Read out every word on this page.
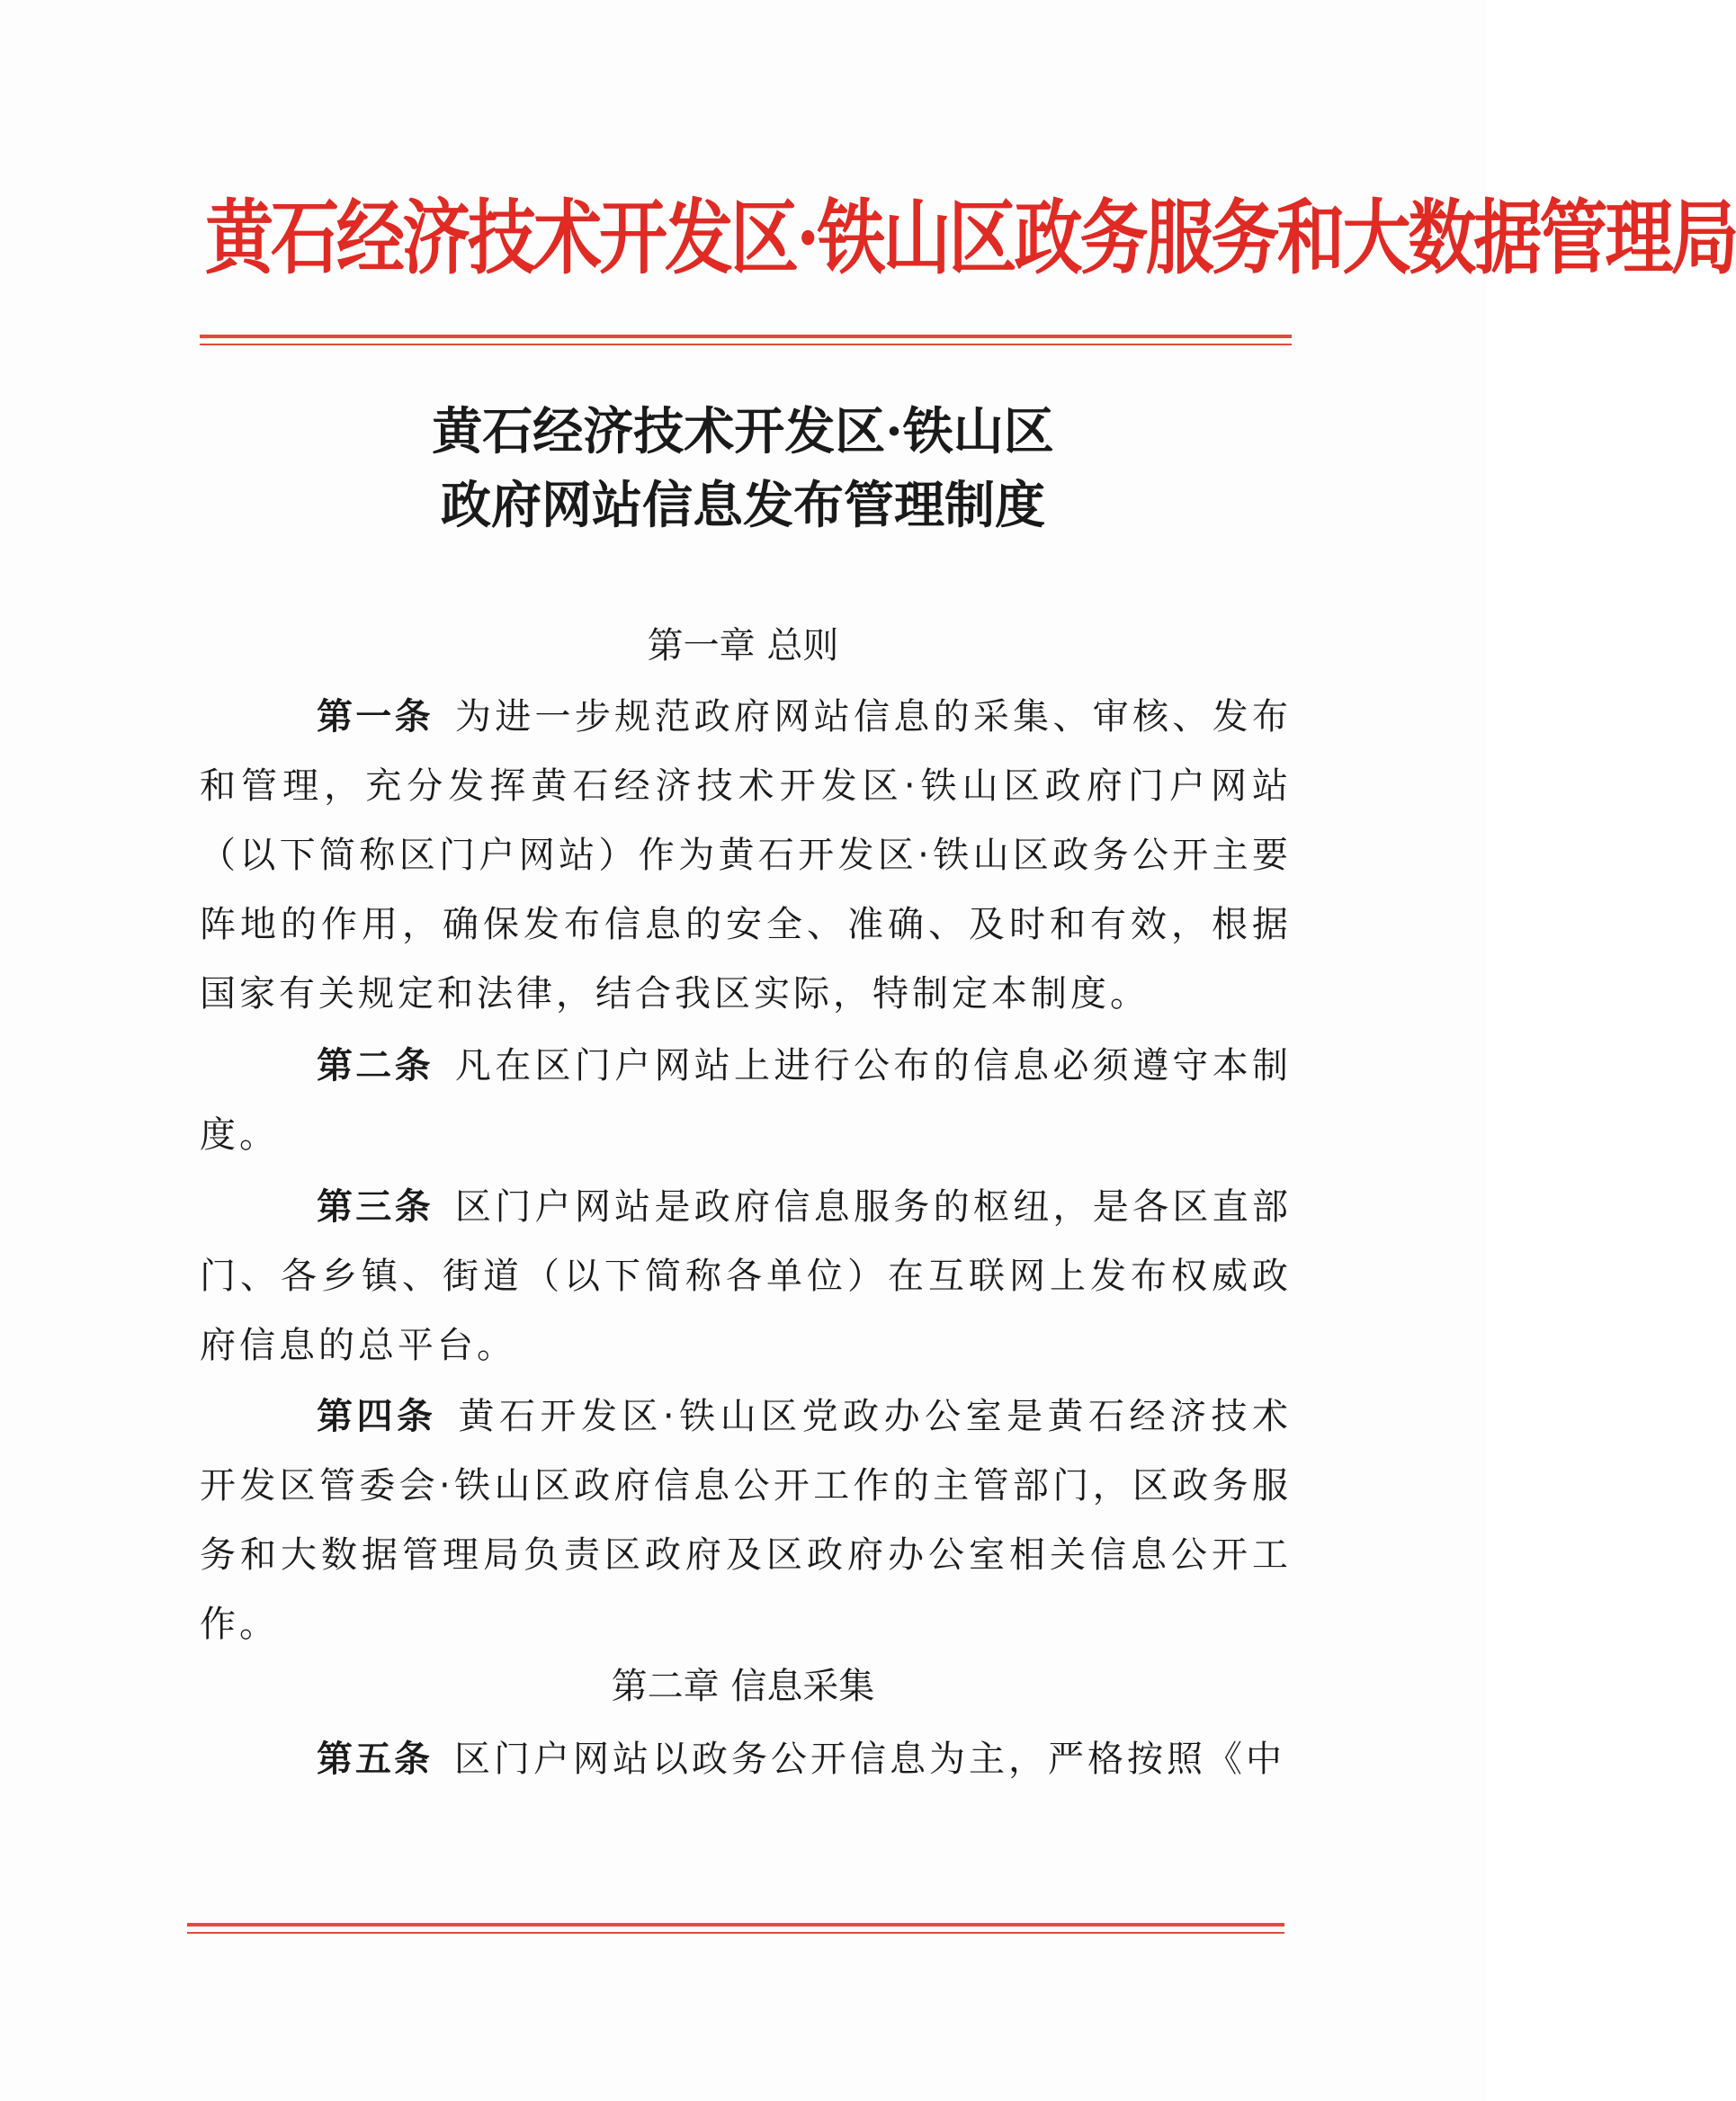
黄石经济技术开发区·铁山区政务服务和大数据管理局
黄石经济技术开发区·铁山区
政府网站信息发布管理制度
第一章 总则
第一条 为进一步规范政府网站信息的采集、审核、发布和管理，充分发挥黄石经济技术开发区·铁山区政府门户网站（以下简称区门户网站）作为黄石开发区·铁山区政务公开主要阵地的作用，确保发布信息的安全、准确、及时和有效，根据国家有关规定和法律，结合我区实际，特制定本制度。
第二条 凡在区门户网站上进行公布的信息必须遵守本制度。
第三条 区门户网站是政府信息服务的枢纽，是各区直部门、各乡镇、街道（以下简称各单位）在互联网上发布权威政府信息的总平台。
第四条 黄石开发区·铁山区党政办公室是黄石经济技术开发区管委会·铁山区政府信息公开工作的主管部门，区政务服务和大数据管理局负责区政府及区政府办公室相关信息公开工作。
第二章 信息采集
第五条 区门户网站以政务公开信息为主，严格按照《中
